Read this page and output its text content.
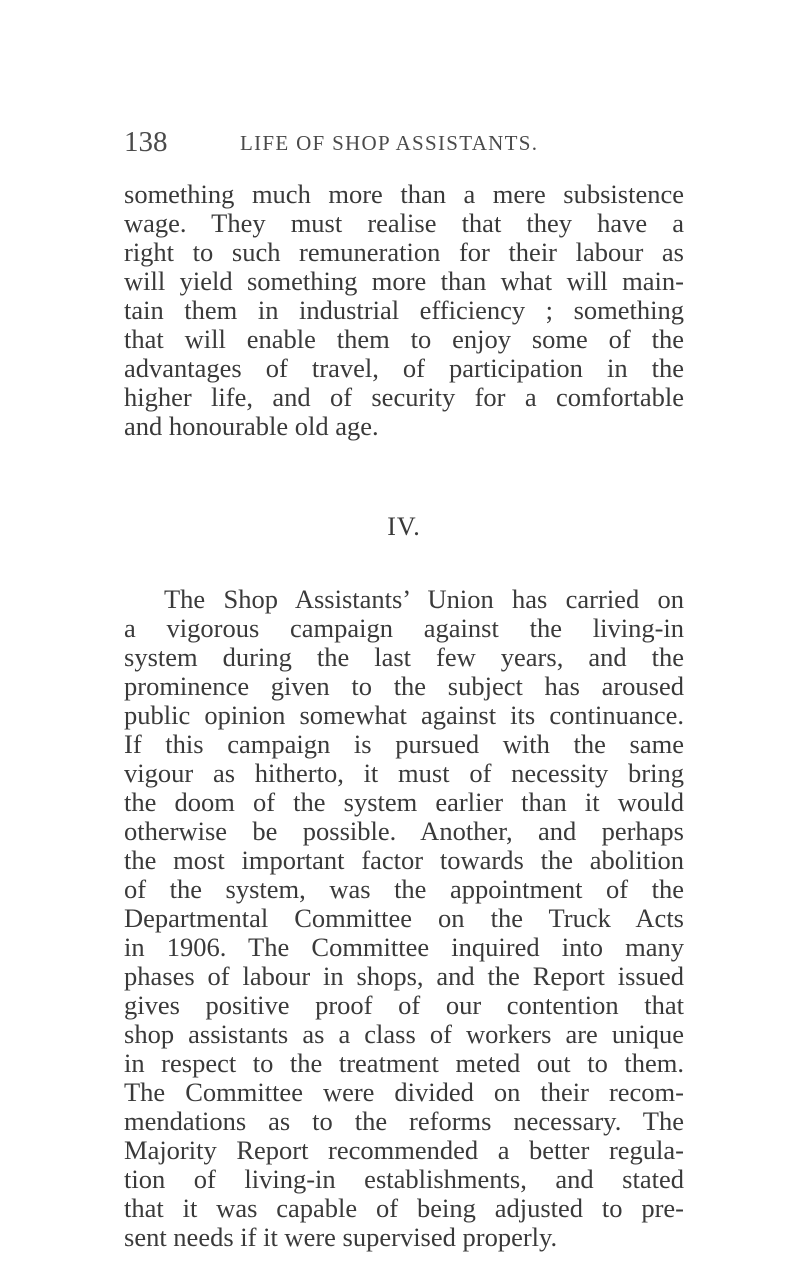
138	LIFE OF SHOP ASSISTANTS.
something much more than a mere subsistence
wage. They must realise that they have a
right to such remuneration for their labour as
will yield something more than what will main-
tain them in industrial efficiency ; something
that will enable them to enjoy some of the
advantages of travel, of participation in the
higher life, and of security for a comfortable
and honourable old age.
IV.
The Shop Assistants’ Union has carried on
a vigorous campaign against the living-in
system during the last few years, and the
prominence given to the subject has aroused
public opinion somewhat against its continuance.
If this campaign is pursued with the same
vigour as hitherto, it must of necessity bring
the doom of the system earlier than it would
otherwise be possible. Another, and perhaps
the most important factor towards the abolition
of the system, was the appointment of the
Departmental Committee on the Truck Acts
in 1906. The Committee inquired into many
phases of labour in shops, and the Report issued
gives positive proof of our contention that
shop assistants as a class of workers are unique
in respect to the treatment meted out to them.
The Committee were divided on their recom-
mendations as to the reforms necessary. The
Majority Report recommended a better regula-
tion of living-in establishments, and stated
that it was capable of being adjusted to pre-
sent needs if it were supervised properly.
